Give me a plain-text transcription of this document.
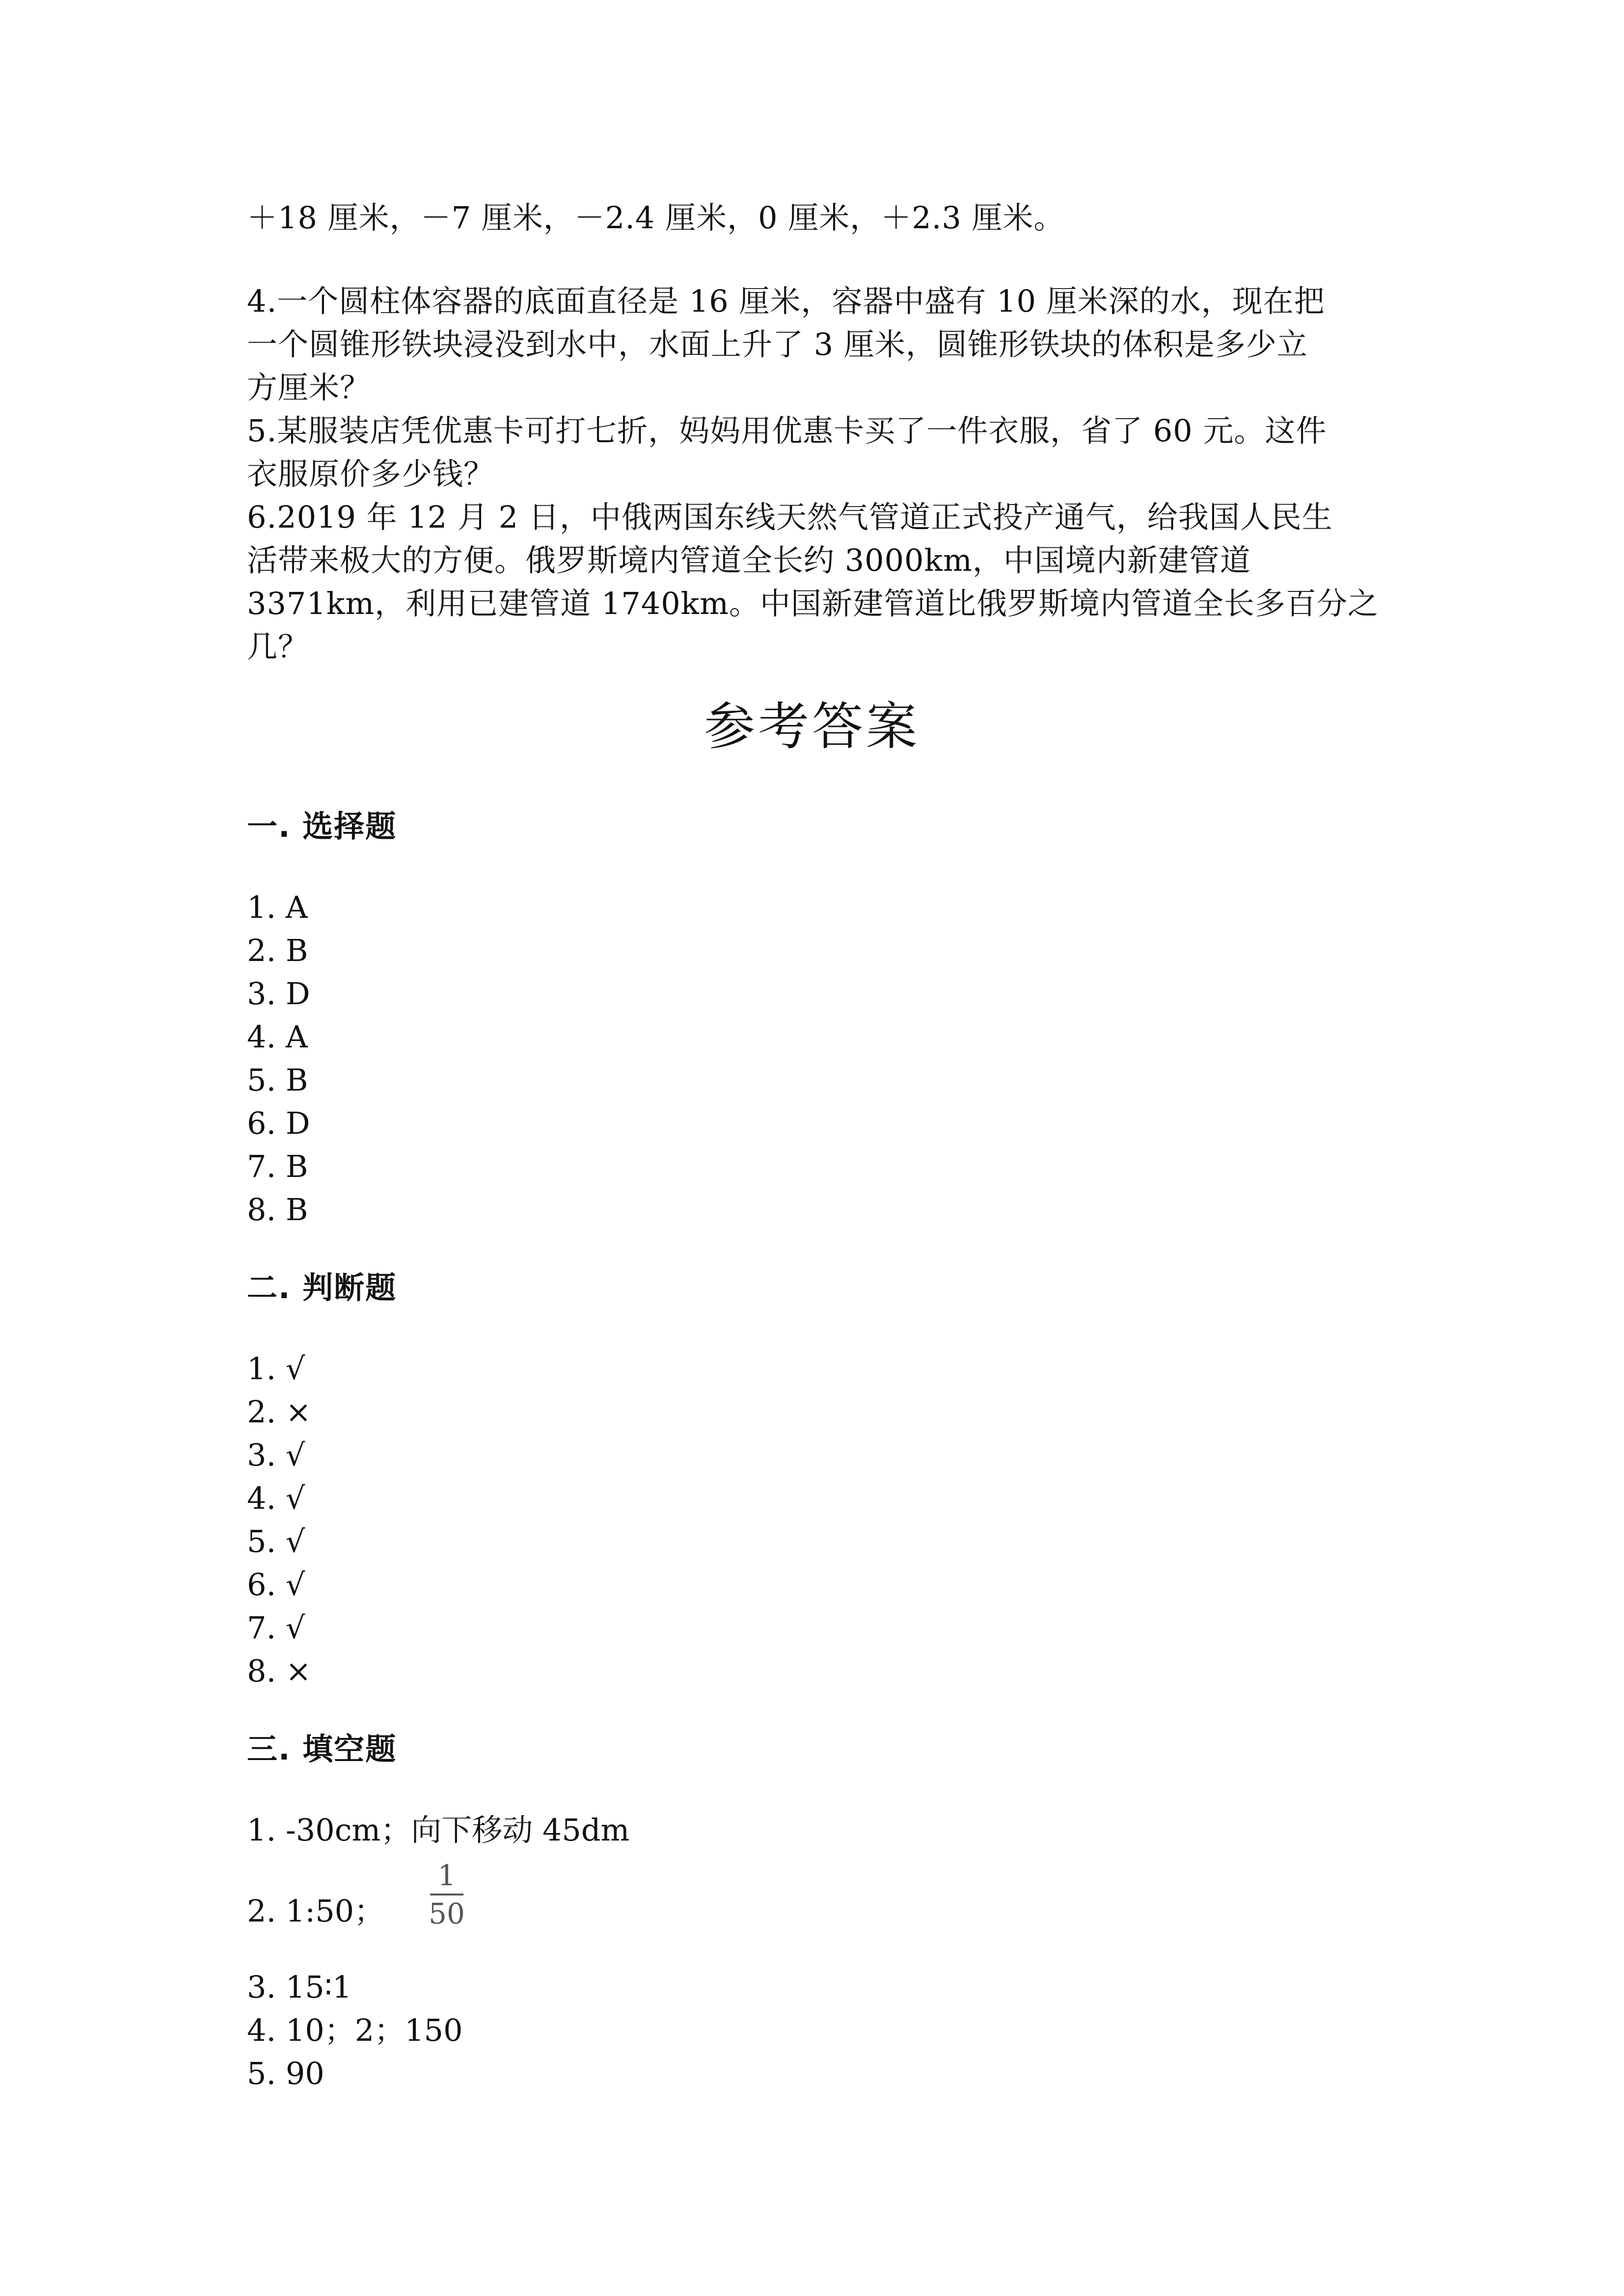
＋18 厘米，－7 厘米，－2.4 厘米，0 厘米，＋2.3 厘米。
4.一个圆柱体容器的底面直径是 16 厘米，容器中盛有 10 厘米深的水，现在把
一个圆锥形铁块浸没到水中，水面上升了 3 厘米，圆锥形铁块的体积是多少立
方厘米？
5.某服装店凭优惠卡可打七折，妈妈用优惠卡买了一件衣服，省了 60 元。这件
衣服原价多少钱？
6.2019 年 12 月 2 日，中俄两国东线天然气管道正式投产通气，给我国人民生
活带来极大的方便。俄罗斯境内管道全长约 3000km，中国境内新建管道
3371km，利用已建管道 1740km。中国新建管道比俄罗斯境内管道全长多百分之
几？
参考答案
一. 选择题
1. A
2. B
3. D
4. A
5. B
6. D
7. B
8. B
二. 判断题
1. √
2. ×
3. √
4. √
5. √
6. √
7. √
8. ×
三. 填空题
1. -30cm；向下移动 45dm
2. 1:50；
1
50
3. 15∶1
4. 10；2；150
5. 90
